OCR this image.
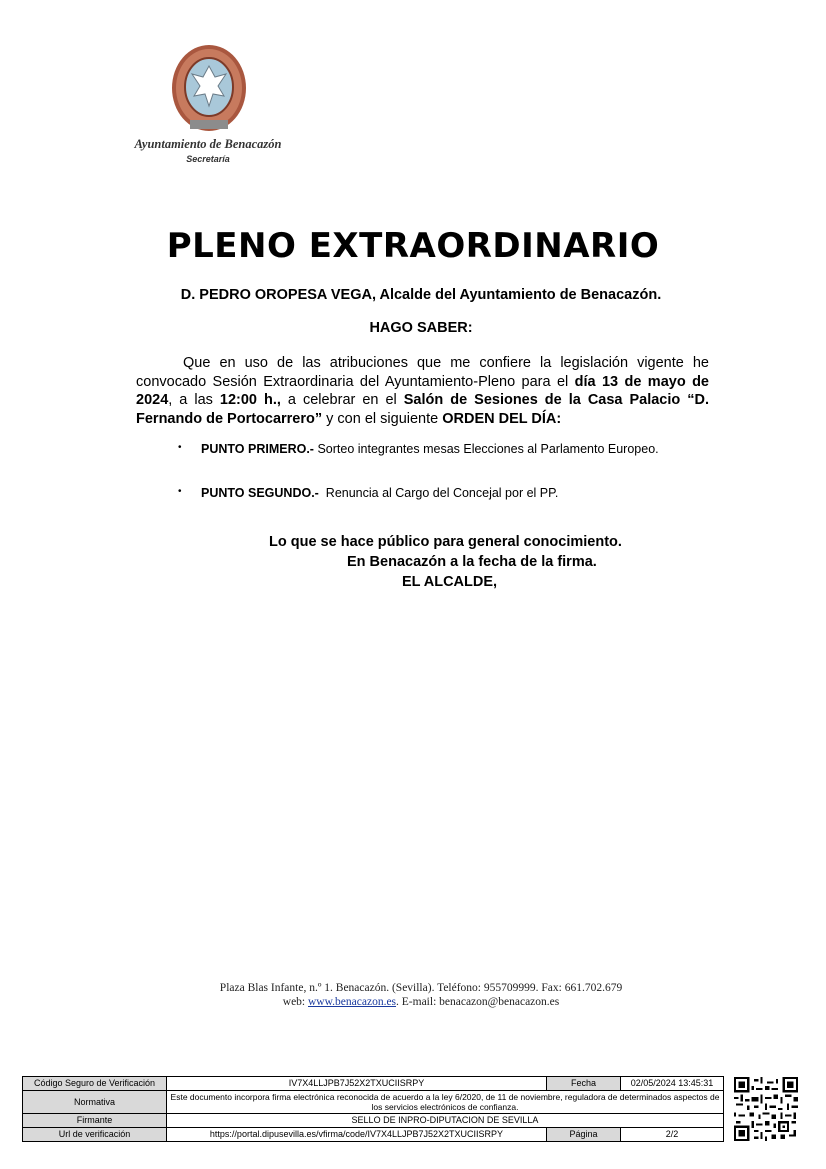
Ayuntamiento de Benacazón
Secretaría
PLENO EXTRAORDINARIO
D. PEDRO OROPESA VEGA, Alcalde del Ayuntamiento de Benacazón.
HAGO SABER:
Que en uso de las atribuciones que me confiere la legislación vigente he convocado Sesión Extraordinaria del Ayuntamiento-Pleno para el día 13 de mayo de 2024, a las 12:00 h., a celebrar en el Salón de Sesiones de la Casa Palacio “D. Fernando de Portocarrero” y con el siguiente ORDEN DEL DÍA:
• PUNTO PRIMERO.- Sorteo integrantes mesas Elecciones al Parlamento Europeo.
• PUNTO SEGUNDO.-  Renuncia al Cargo del Concejal por el PP.
Lo que se hace público para general conocimiento.
En Benacazón a la fecha de la firma.
EL ALCALDE,
Plaza Blas Infante, n.º 1. Benacazón. (Sevilla). Teléfono: 955709999. Fax: 661.702.679
web: www.benacazon.es. E-mail: benacazon@benacazon.es
Código Seguro de Verificación	IV7X4LLJPB7J52X2TXUCIISRPY	Fecha	02/05/2024 13:45:31
Normativa	Este documento incorpora firma electrónica reconocida de acuerdo a la ley 6/2020, de 11 de noviembre, reguladora de determinados aspectos de los servicios electrónicos de confianza.		
Firmante	SELLO DE INPRO-DIPUTACION DE SEVILLA		
Url de verificación	https://portal.dipusevilla.es/vfirma/code/IV7X4LLJPB7J52X2TXUCIISRPY	Página	2/2
